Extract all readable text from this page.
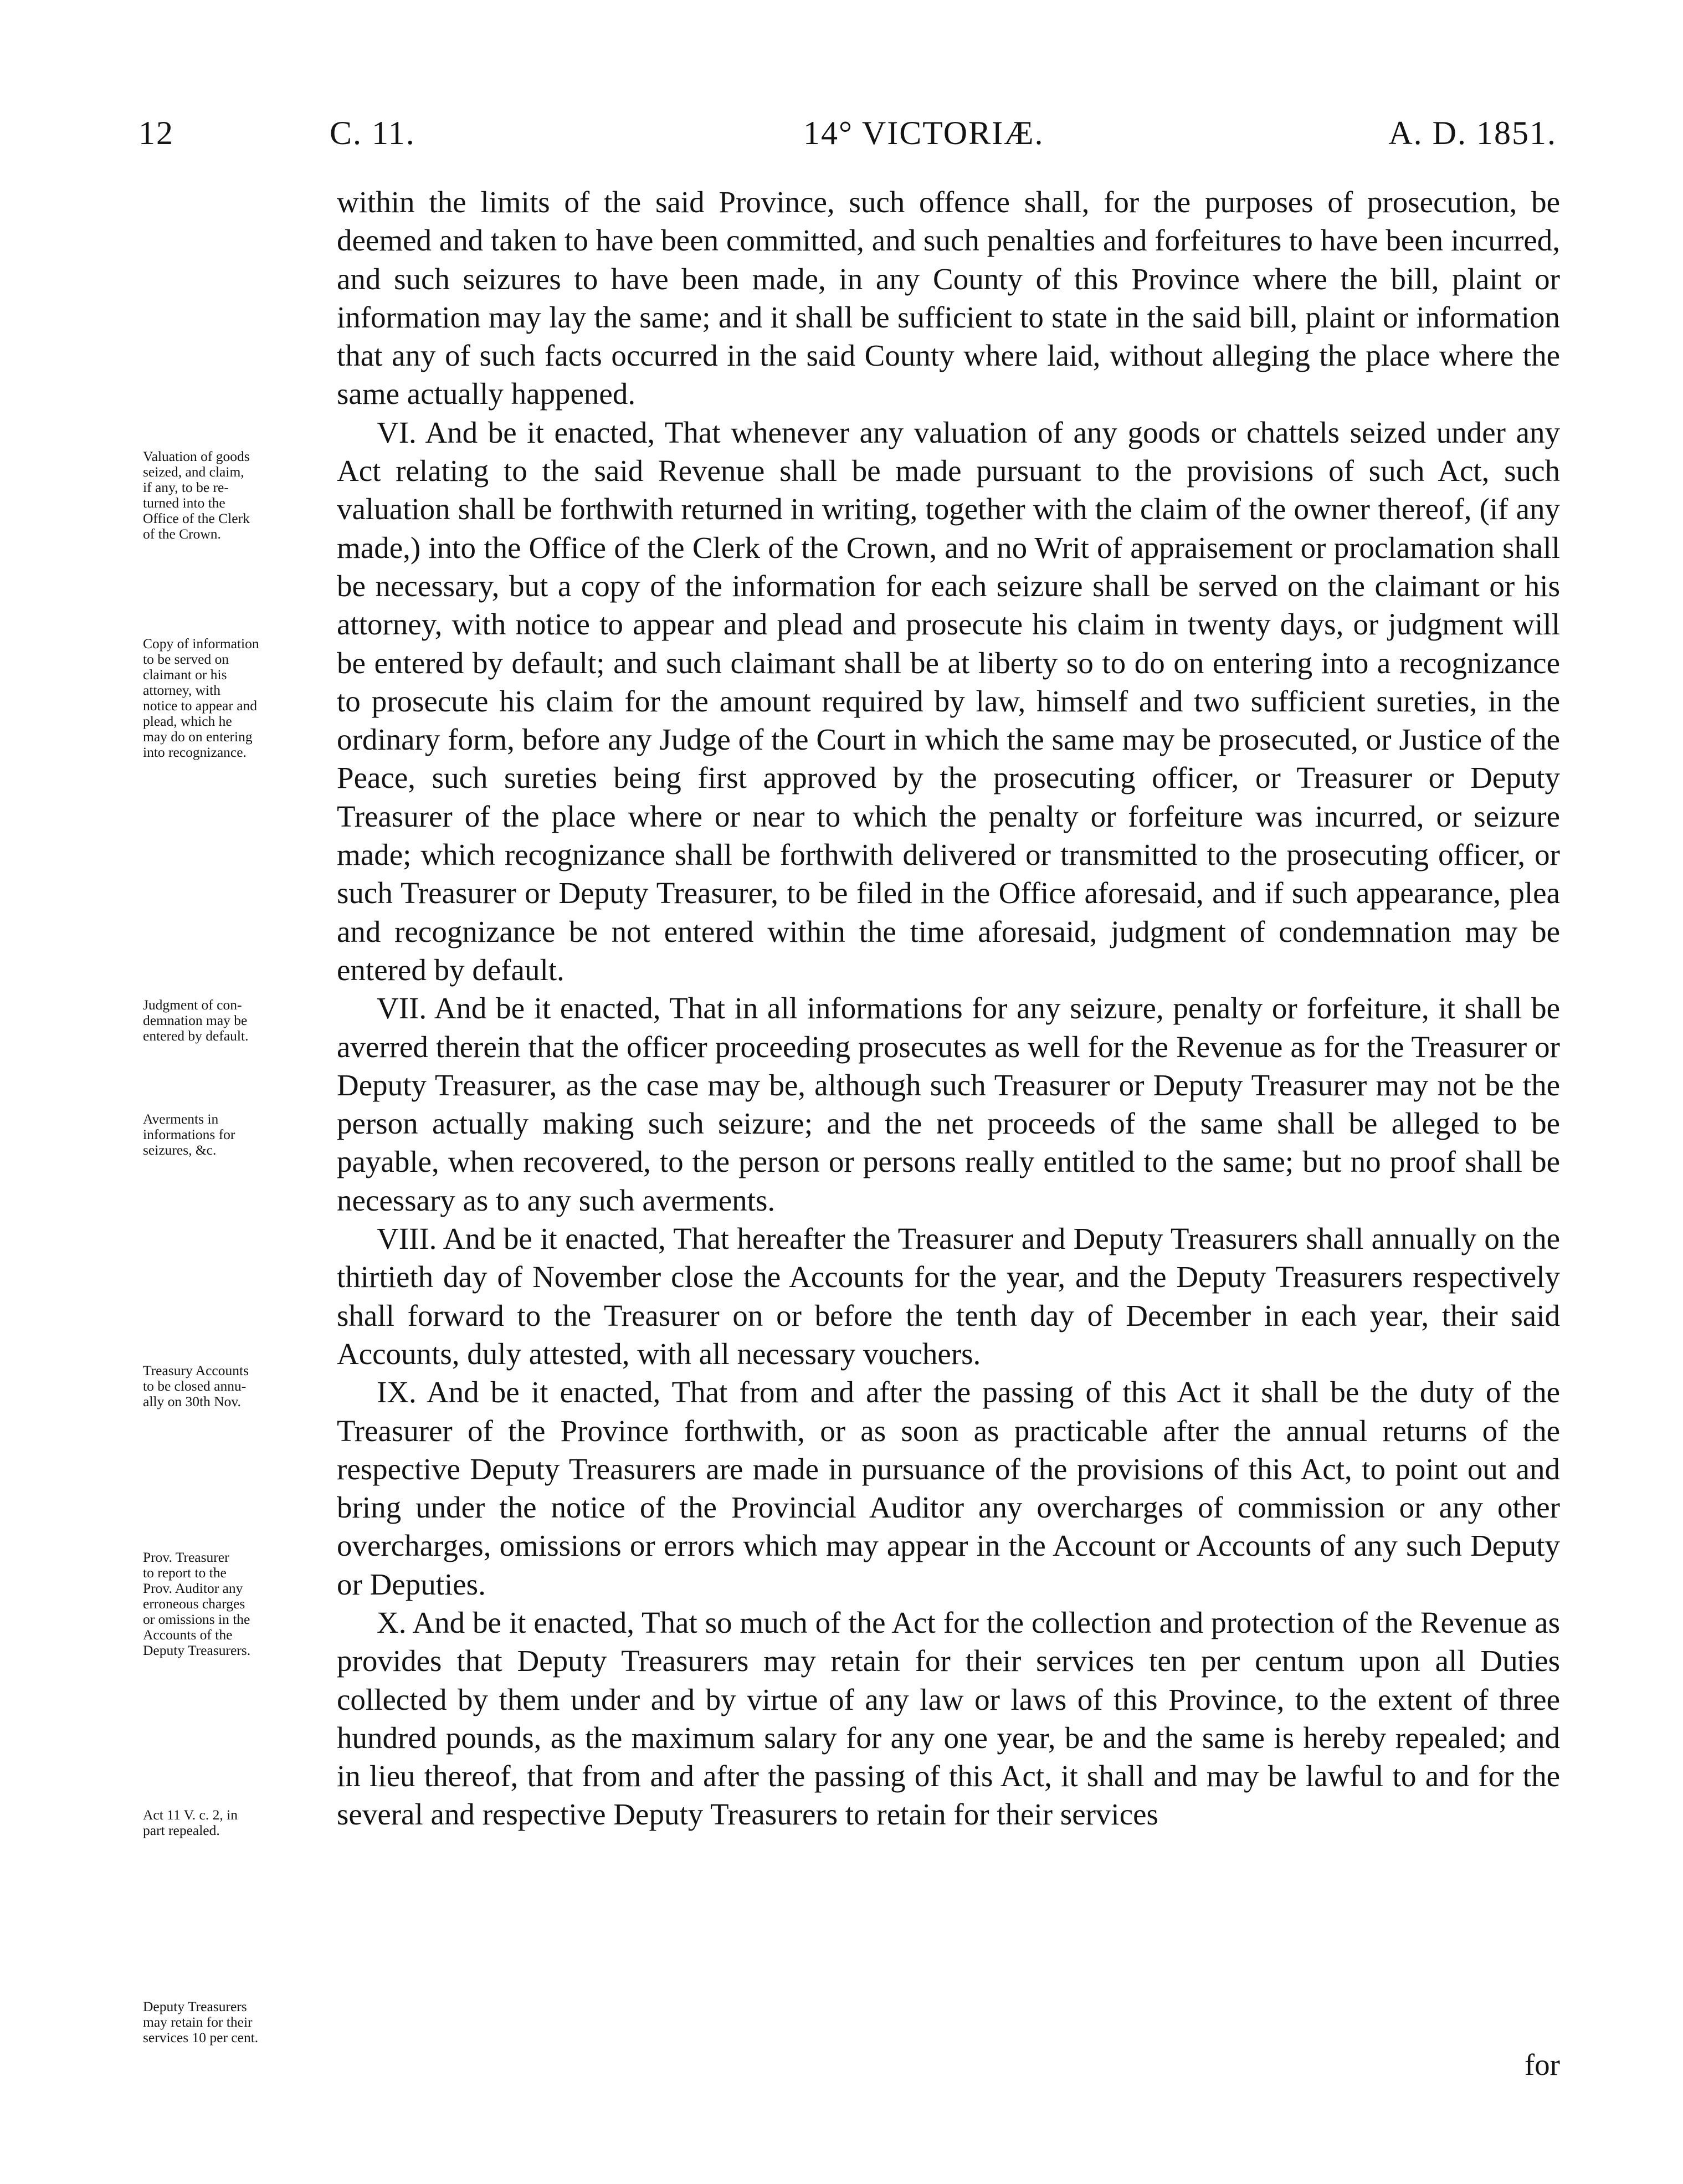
12	C. 11.	14° VICTORIÆ.	A. D. 1851.
Valuation of goods
seized, and claim,
if any, to be re-
turned into the
Office of the Clerk
of the Crown.
Copy of information
to be served on
claimant or his
attorney, with
notice to appear and
plead, which he
may do on entering
into recognizance.
Judgment of con-
demnation may be
entered by default.
Averments in
informations for
seizures, &c.
Treasury Accounts
to be closed annu-
ally on 30th Nov.
Prov. Treasurer
to report to the
Prov. Auditor any
erroneous charges
or omissions in the
Accounts of the
Deputy Treasurers.
Act 11 V. c. 2, in
part repealed.
Deputy Treasurers
may retain for their
services 10 per cent.

within the limits of the said Province, such offence shall, for the purposes of prosecution, be deemed and taken to have been committed, and such penalties and forfeitures to have been incurred, and such seizures to have been made, in any County of this Province where the bill, plaint or information may lay the same; and it shall be sufficient to state in the said bill, plaint or information that any of such facts occurred in the said County where laid, without alleging the place where the same actually happened.

VI. And be it enacted, That whenever any valuation of any goods or chattels seized under any Act relating to the said Revenue shall be made pursuant to the provisions of such Act, such valuation shall be forthwith returned in writing, together with the claim of the owner thereof, (if any made,) into the Office of the Clerk of the Crown, and no Writ of appraisement or proclamation shall be necessary, but a copy of the information for each seizure shall be served on the claimant or his attorney, with notice to appear and plead and prosecute his claim in twenty days, or judgment will be entered by default; and such claimant shall be at liberty so to do on entering into a recognizance to prosecute his claim for the amount required by law, himself and two sufficient sureties, in the ordinary form, before any Judge of the Court in which the same may be prosecuted, or Justice of the Peace, such sureties being first approved by the prosecuting officer, or Treasurer or Deputy Treasurer of the place where or near to which the penalty or forfeiture was incurred, or seizure made; which recognizance shall be forthwith delivered or transmitted to the prosecuting officer, or such Treasurer or Deputy Treasurer, to be filed in the Office aforesaid, and if such appearance, plea and recognizance be not entered within the time aforesaid, judgment of condemnation may be entered by default.

VII. And be it enacted, That in all informations for any seizure, penalty or forfeiture, it shall be averred therein that the officer proceeding prosecutes as well for the Revenue as for the Treasurer or Deputy Treasurer, as the case may be, although such Treasurer or Deputy Treasurer may not be the person actually making such seizure; and the net proceeds of the same shall be alleged to be payable, when recovered, to the person or persons really entitled to the same; but no proof shall be necessary as to any such averments.

VIII. And be it enacted, That hereafter the Treasurer and Deputy Treasurers shall annually on the thirtieth day of November close the Accounts for the year, and the Deputy Treasurers respectively shall forward to the Treasurer on or before the tenth day of December in each year, their said Accounts, duly attested, with all necessary vouchers.

IX. And be it enacted, That from and after the passing of this Act it shall be the duty of the Treasurer of the Province forthwith, or as soon as practicable after the annual returns of the respective Deputy Treasurers are made in pursuance of the provisions of this Act, to point out and bring under the notice of the Provincial Auditor any overcharges of commission or any other overcharges, omissions or errors which may appear in the Account or Accounts of any such Deputy or Deputies.

X. And be it enacted, That so much of the Act for the collection and protection of the Revenue as provides that Deputy Treasurers may retain for their services ten per centum upon all Duties collected by them under and by virtue of any law or laws of this Province, to the extent of three hundred pounds, as the maximum salary for any one year, be and the same is hereby repealed; and in lieu thereof, that from and after the passing of this Act, it shall and may be lawful to and for the several and respective Deputy Treasurers to retain for their services

for
